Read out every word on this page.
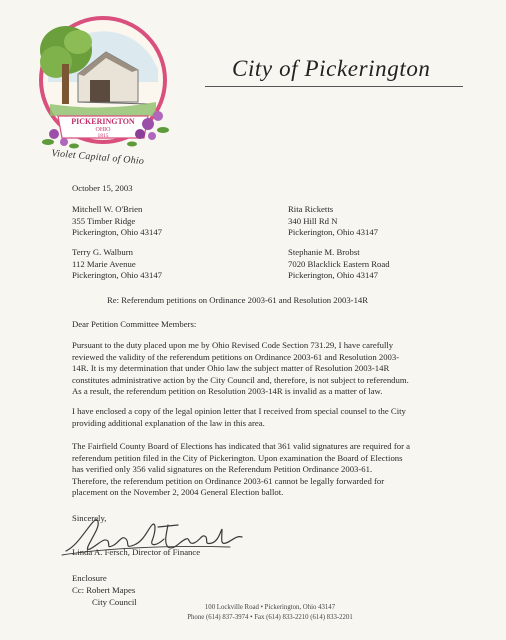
PICKERINGTON
OHIO
1815
Violet Capital of Ohio
City of Pickerington
October 15, 2003
Mitchell W. O'Brien
355 Timber Ridge
Pickerington, Ohio 43147
Rita Ricketts
340 Hill Rd N
Pickerington, Ohio 43147
Terry G. Walburn
112 Marie Avenue
Pickerington, Ohio 43147
Stephanie M. Brobst
7020 Blacklick Eastern Road
Pickerington, Ohio 43147
Re: Referendum petitions on Ordinance 2003-61 and Resolution 2003-14R
Dear Petition Committee Members:
Pursuant to the duty placed upon me by Ohio Revised Code Section 731.29, I have carefully
reviewed the validity of the referendum petitions on Ordinance 2003-61 and Resolution 2003-
14R. It is my determination that under Ohio law the subject matter of Resolution 2003-14R
constitutes administrative action by the City Council and, therefore, is not subject to referendum.
As a result, the referendum petition on Resolution 2003-14R is invalid as a matter of law.
I have enclosed a copy of the legal opinion letter that I received from special counsel to the City
providing additional explanation of the law in this area.
The Fairfield County Board of Elections has indicated that 361 valid signatures are required for a
referendum petition filed in the City of Pickerington. Upon examination the Board of Elections
has verified only 356 valid signatures on the Referendum Petition Ordinance 2003-61.
Therefore, the referendum petition on Ordinance 2003-61 cannot be legally forwarded for
placement on the November 2, 2004 General Election ballot.
Sincerely,
Linda A. Fersch, Director of Finance
Enclosure
Cc: Robert Mapes
City Council
100 Lockville Road • Pickerington, Ohio 43147
Phone (614) 837-3974 • Fax (614) 833-2210 (614) 833-2201
